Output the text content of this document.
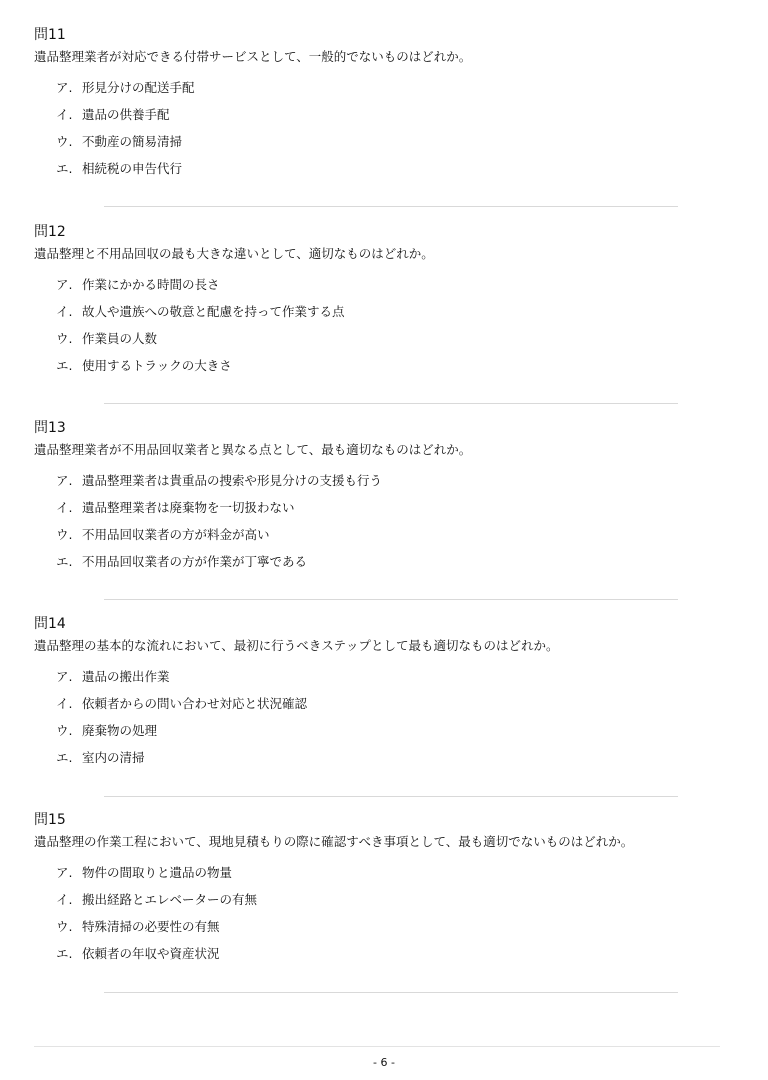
問11
遺品整理業者が対応できる付帯サービスとして、一般的でないものはどれか。
ア. 形見分けの配送手配
イ. 遺品の供養手配
ウ. 不動産の簡易清掃
エ. 相続税の申告代行
問12
遺品整理と不用品回収の最も大きな違いとして、適切なものはどれか。
ア. 作業にかかる時間の長さ
イ. 故人や遺族への敬意と配慮を持って作業する点
ウ. 作業員の人数
エ. 使用するトラックの大きさ
問13
遺品整理業者が不用品回収業者と異なる点として、最も適切なものはどれか。
ア. 遺品整理業者は貴重品の捜索や形見分けの支援も行う
イ. 遺品整理業者は廃棄物を一切扱わない
ウ. 不用品回収業者の方が料金が高い
エ. 不用品回収業者の方が作業が丁寧である
問14
遺品整理の基本的な流れにおいて、最初に行うべきステップとして最も適切なものはどれか。
ア. 遺品の搬出作業
イ. 依頼者からの問い合わせ対応と状況確認
ウ. 廃棄物の処理
エ. 室内の清掃
問15
遺品整理の作業工程において、現地見積もりの際に確認すべき事項として、最も適切でないものはどれか。
ア. 物件の間取りと遺品の物量
イ. 搬出経路とエレベーターの有無
ウ. 特殊清掃の必要性の有無
エ. 依頼者の年収や資産状況
- 6 -
